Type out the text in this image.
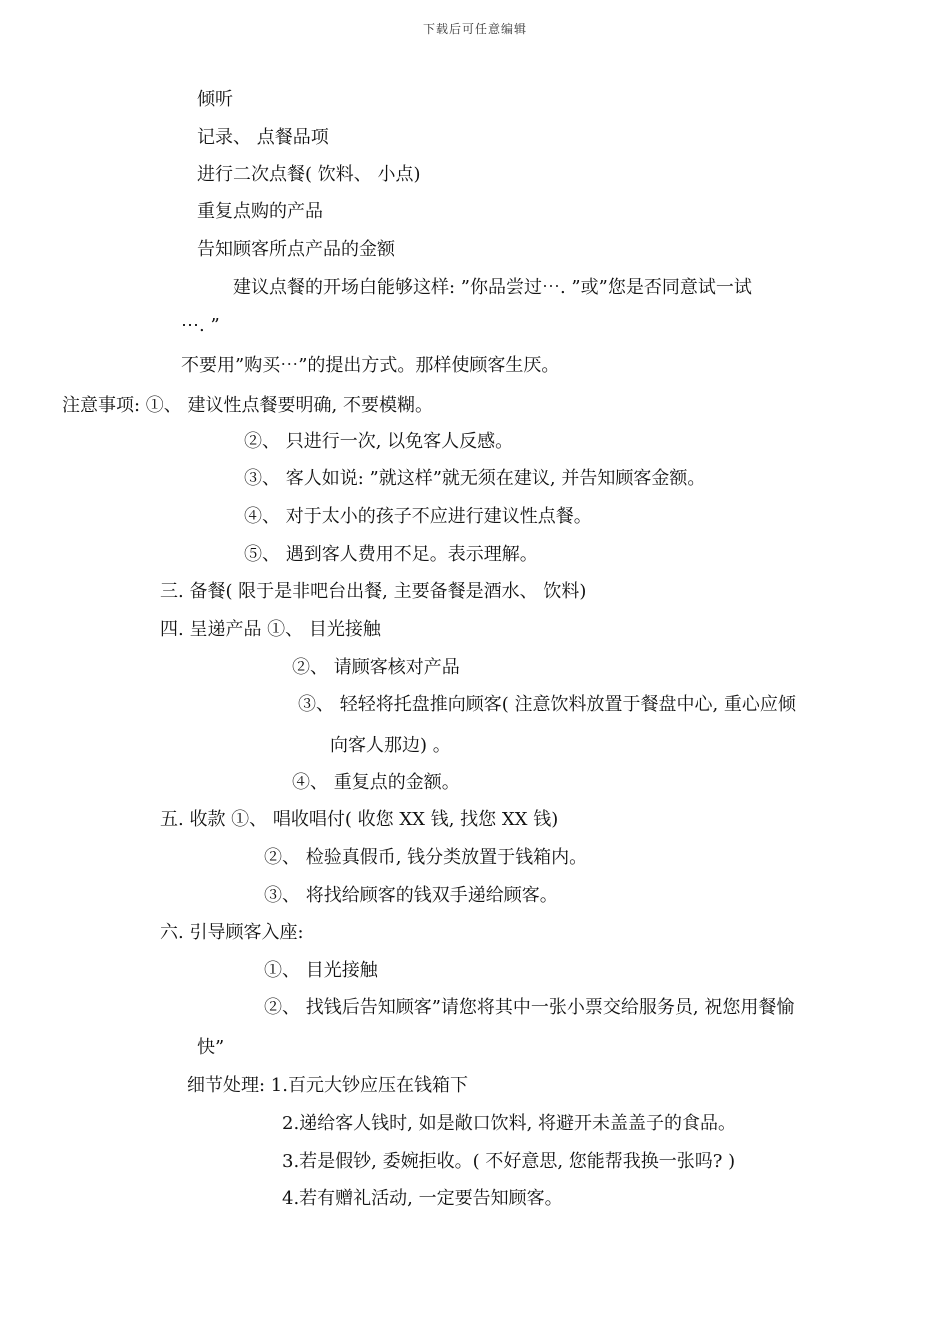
下载后可任意编辑
倾听
记录、 点餐品项
进行二次点餐( 饮料、 小点)
重复点购的产品
告知顾客所点产品的金额
建议点餐的开场白能够这样: ”你品尝过⋯. ”或”您是否同意试一试
⋯. ”
不要用”购买⋯”的提出方式。那样使顾客生厌。
注意事项: ①、 建议性点餐要明确, 不要模糊。
②、 只进行一次, 以免客人反感。
③、 客人如说: ”就这样”就无须在建议, 并告知顾客金额。
④、 对于太小的孩子不应进行建议性点餐。
⑤、 遇到客人费用不足。表示理解。
三. 备餐( 限于是非吧台出餐, 主要备餐是酒水、 饮料)
四. 呈递产品 ①、 目光接触
②、 请顾客核对产品
③、 轻轻将托盘推向顾客( 注意饮料放置于餐盘中心, 重心应倾
向客人那边) 。
④、 重复点的金额。
五. 收款 ①、 唱收唱付( 收您 XX 钱, 找您 XX 钱)
②、 检验真假币, 钱分类放置于钱箱内。
③、 将找给顾客的钱双手递给顾客。
六. 引导顾客入座:
①、 目光接触
②、 找钱后告知顾客”请您将其中一张小票交给服务员, 祝您用餐愉
快”
细节处理: 1.百元大钞应压在钱箱下
2.递给客人钱时, 如是敞口饮料, 将避开未盖盖子的食品。
3.若是假钞, 委婉拒收。( 不好意思, 您能帮我换一张吗? )
4.若有赠礼活动, 一定要告知顾客。
